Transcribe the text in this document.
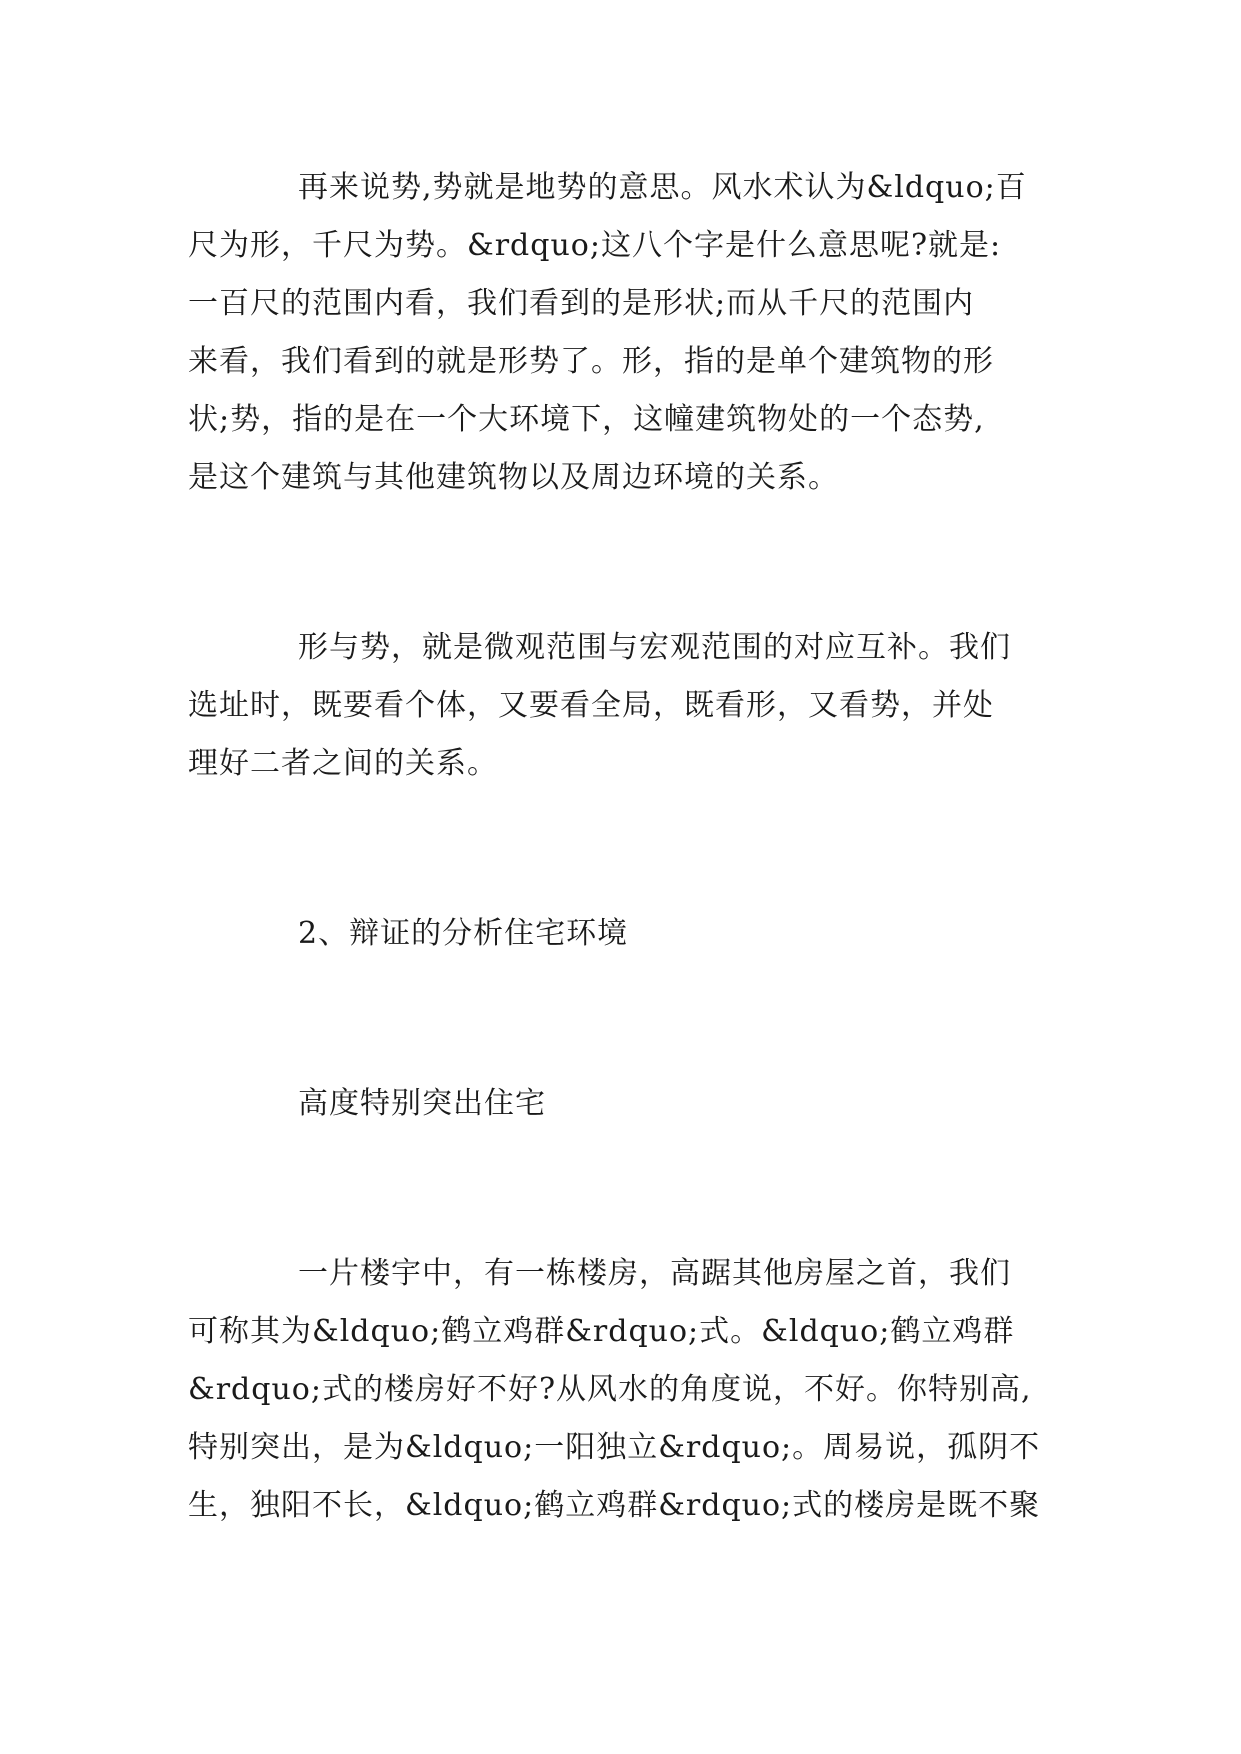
再来说势,势就是地势的意思。风水术认为&ldquo;百
尺为形，千尺为势。&rdquo;这八个字是什么意思呢?就是:
一百尺的范围内看，我们看到的是形状;而从千尺的范围内
来看，我们看到的就是形势了。形，指的是单个建筑物的形
状;势，指的是在一个大环境下，这幢建筑物处的一个态势,
是这个建筑与其他建筑物以及周边环境的关系。
形与势，就是微观范围与宏观范围的对应互补。我们
选址时，既要看个体，又要看全局，既看形，又看势，并处
理好二者之间的关系。
2、辩证的分析住宅环境
高度特别突出住宅
一片楼宇中，有一栋楼房，高踞其他房屋之首，我们
可称其为&ldquo;鹤立鸡群&rdquo;式。&ldquo;鹤立鸡群
&rdquo;式的楼房好不好?从风水的角度说，不好。你特别高,
特别突出，是为&ldquo;一阳独立&rdquo;。周易说，孤阴不
生，独阳不长，&ldquo;鹤立鸡群&rdquo;式的楼房是既不聚
